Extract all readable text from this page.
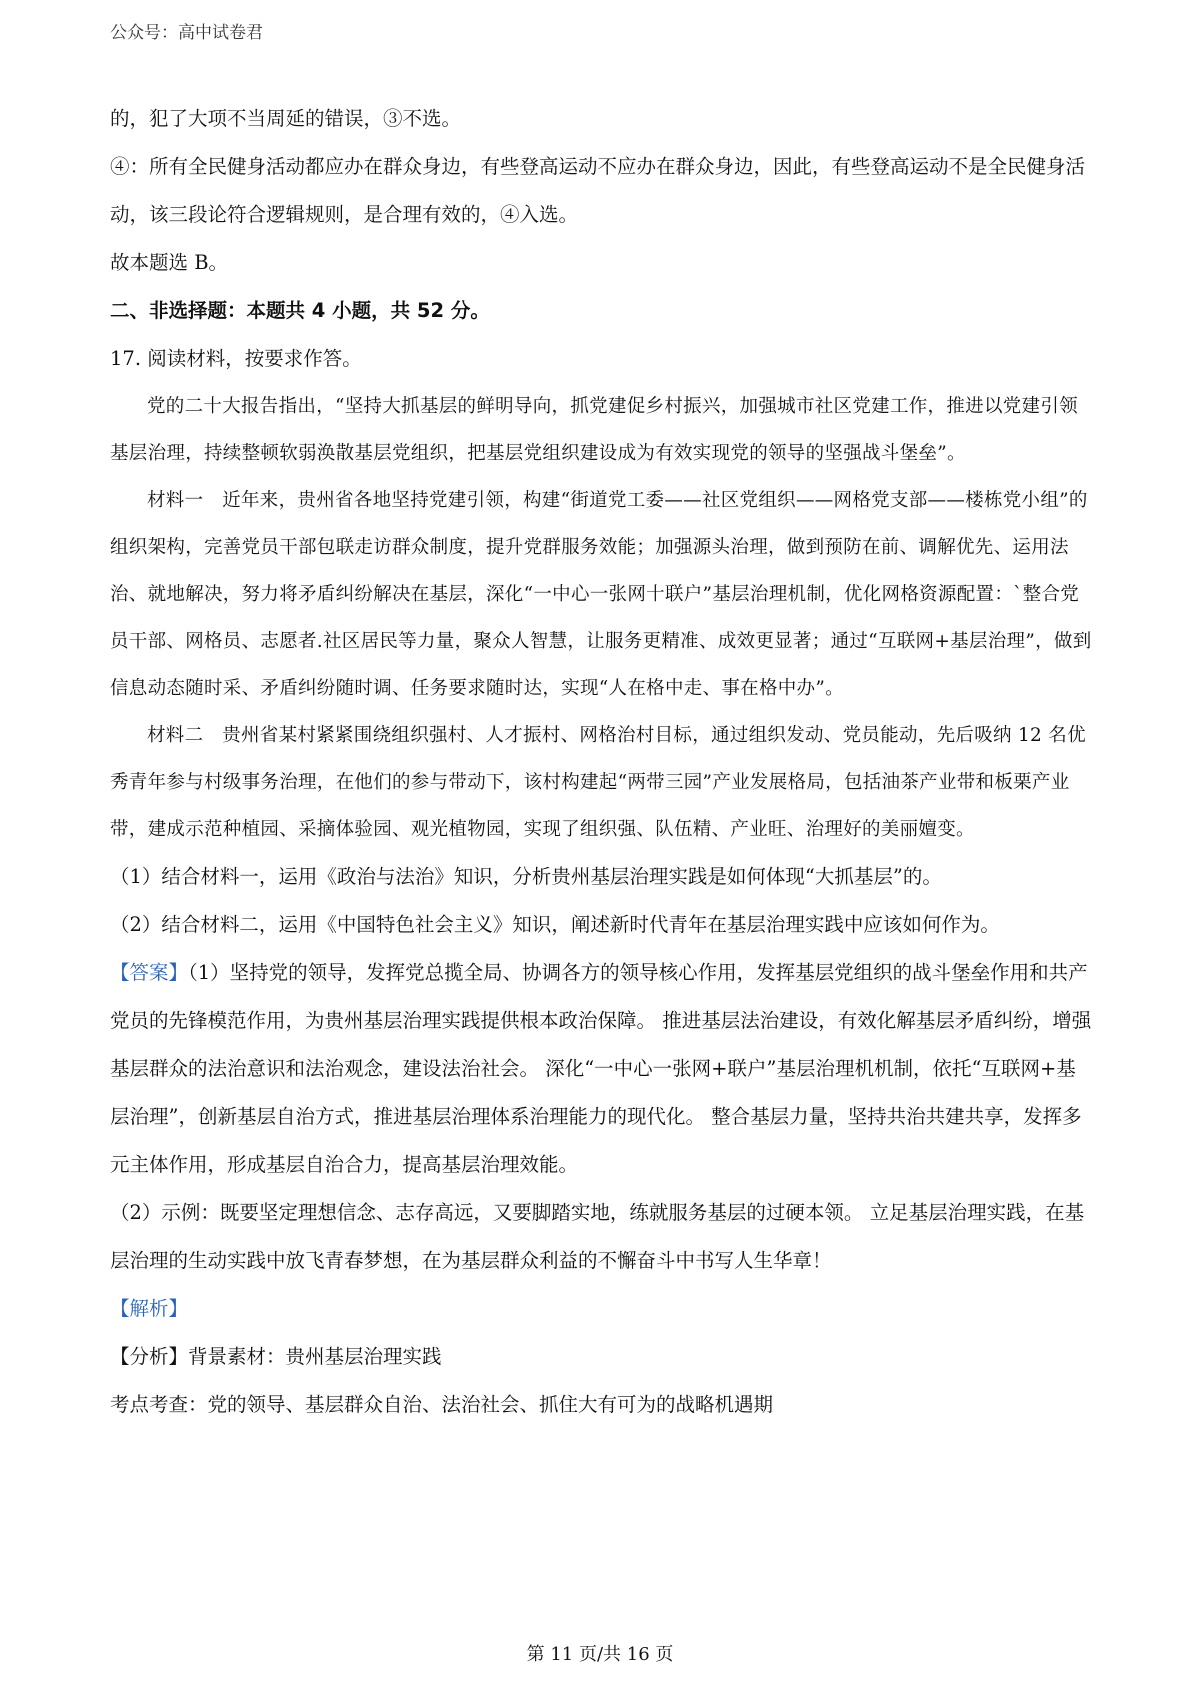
公众号：高中试卷君

的，犯了大项不当周延的错误，③不选。

④：所有全民健身活动都应办在群众身边，有些登高运动不应办在群众身边，因此，有些登高运动不是全民健身活动，该三段论符合逻辑规则，是合理有效的，④入选。

故本题选 B。

二、非选择题：本题共 4 小题，共 52 分。

17. 阅读材料，按要求作答。

党的二十大报告指出，“坚持大抓基层的鲜明导向，抓党建促乡村振兴，加强城市社区党建工作，推进以党建引领基层治理，持续整顿软弱涣散基层党组织，把基层党组织建设成为有效实现党的领导的坚强战斗堡垒”。

材料一　近年来，贵州省各地坚持党建引领，构建“街道党工委——社区党组织——网格党支部——楼栋党小组”的组织架构，完善党员干部包联走访群众制度，提升党群服务效能；加强源头治理，做到预防在前、调解优先、运用法治、就地解决，努力将矛盾纠纷解决在基层，深化“一中心一张网十联户”基层治理机制，优化网格资源配置：`整合党员干部、网格员、志愿者.社区居民等力量，聚众人智慧，让服务更精准、成效更显著；通过“互联网+基层治理”，做到信息动态随时采、矛盾纠纷随时调、任务要求随时达，实现“人在格中走、事在格中办”。

材料二　贵州省某村紧紧围绕组织强村、人才振村、网格治村目标，通过组织发动、党员能动，先后吸纳 12 名优秀青年参与村级事务治理，在他们的参与带动下，该村构建起“两带三园”产业发展格局，包括油茶产业带和板栗产业带，建成示范种植园、采摘体验园、观光植物园，实现了组织强、队伍精、产业旺、治理好的美丽嬗变。

（1）结合材料一，运用《政治与法治》知识，分析贵州基层治理实践是如何体现“大抓基层”的。

（2）结合材料二，运用《中国特色社会主义》知识，阐述新时代青年在基层治理实践中应该如何作为。

【答案】（1）坚持党的领导，发挥党总揽全局、协调各方的领导核心作用，发挥基层党组织的战斗堡垒作用和共产党员的先锋模范作用，为贵州基层治理实践提供根本政治保障。 推进基层法治建设，有效化解基层矛盾纠纷，增强基层群众的法治意识和法治观念，建设法治社会。 深化“一中心一张网+联户”基层治理机机制，依托“互联网+基层治理”，创新基层自治方式，推进基层治理体系治理能力的现代化。 整合基层力量，坚持共治共建共享，发挥多元主体作用，形成基层自治合力，提高基层治理效能。

（2）示例：既要坚定理想信念、志存高远，又要脚踏实地，练就服务基层的过硬本领。 立足基层治理实践，在基层治理的生动实践中放飞青春梦想，在为基层群众利益的不懈奋斗中书写人生华章！

【解析】

【分析】背景素材：贵州基层治理实践

考点考查：党的领导、基层群众自治、法治社会、抓住大有可为的战略机遇期

第 11 页/共 16 页
